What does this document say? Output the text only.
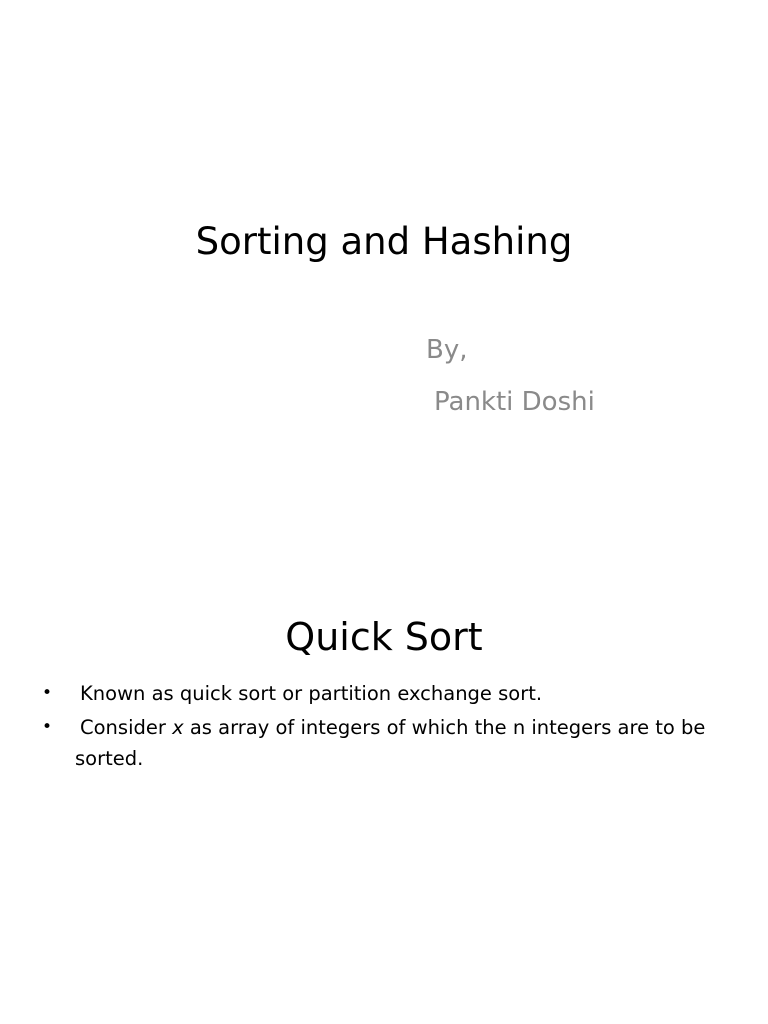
Sorting and Hashing
By,
Pankti Doshi
Quick Sort
• Known as quick sort or partition exchange sort.
• Consider x as array of integers of which the n integers are to be sorted.
